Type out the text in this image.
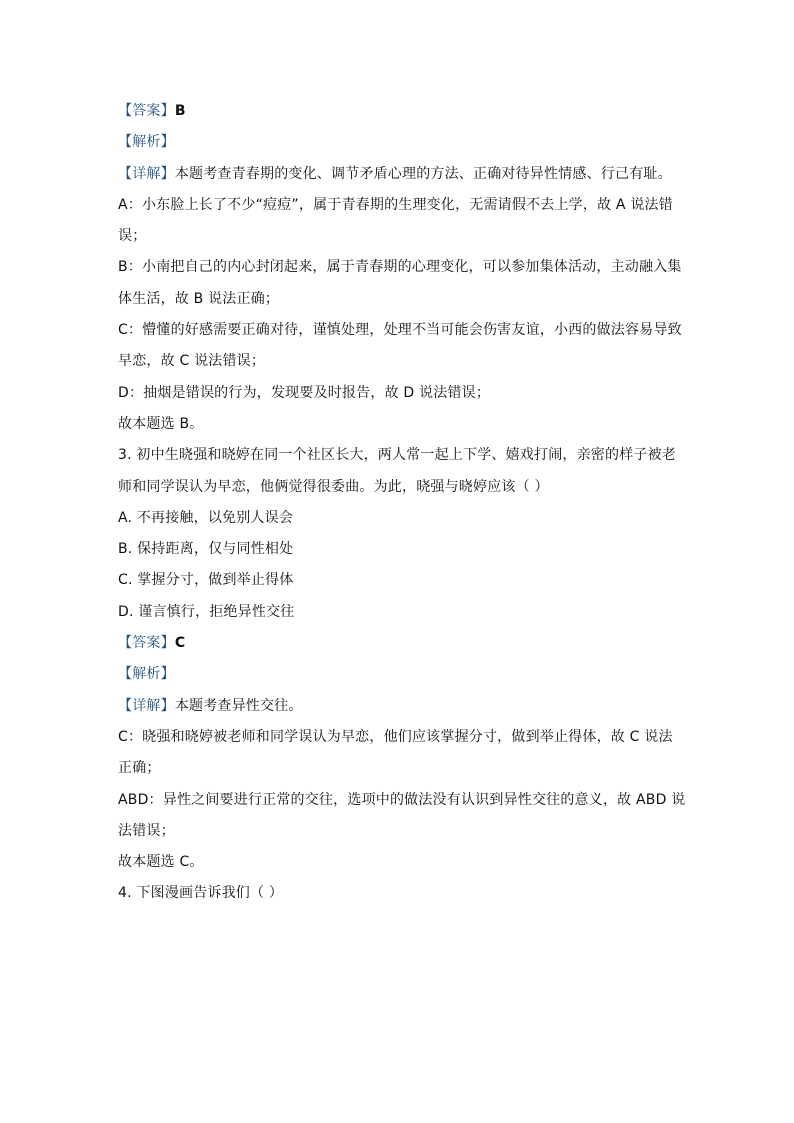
【答案】B
【解析】
【详解】本题考查青春期的变化、调节矛盾心理的方法、正确对待异性情感、行己有耻。
A：小东脸上长了不少“痘痘”，属于青春期的生理变化，无需请假不去上学，故 A 说法错
误；
B：小南把自己的内心封闭起来，属于青春期的心理变化，可以参加集体活动，主动融入集
体生活，故 B 说法正确；
C：懵懂的好感需要正确对待，谨慎处理，处理不当可能会伤害友谊，小西的做法容易导致
早恋，故 C 说法错误；
D：抽烟是错误的行为，发现要及时报告，故 D 说法错误；
故本题选 B。
3. 初中生晓强和晓婷在同一个社区长大，两人常一起上下学、嬉戏打闹，亲密的样子被老
师和同学误认为早恋，他俩觉得很委曲。为此，晓强与晓婷应该（ ）
A. 不再接触，以免别人误会
B. 保持距离，仅与同性相处
C. 掌握分寸，做到举止得体
D. 谨言慎行，拒绝异性交往
【答案】C
【解析】
【详解】本题考查异性交往。
C：晓强和晓婷被老师和同学误认为早恋，他们应该掌握分寸，做到举止得体，故 C 说法
正确；
ABD：异性之间要进行正常的交往，选项中的做法没有认识到异性交往的意义，故 ABD 说
法错误；
故本题选 C。
4. 下图漫画告诉我们（ ）
